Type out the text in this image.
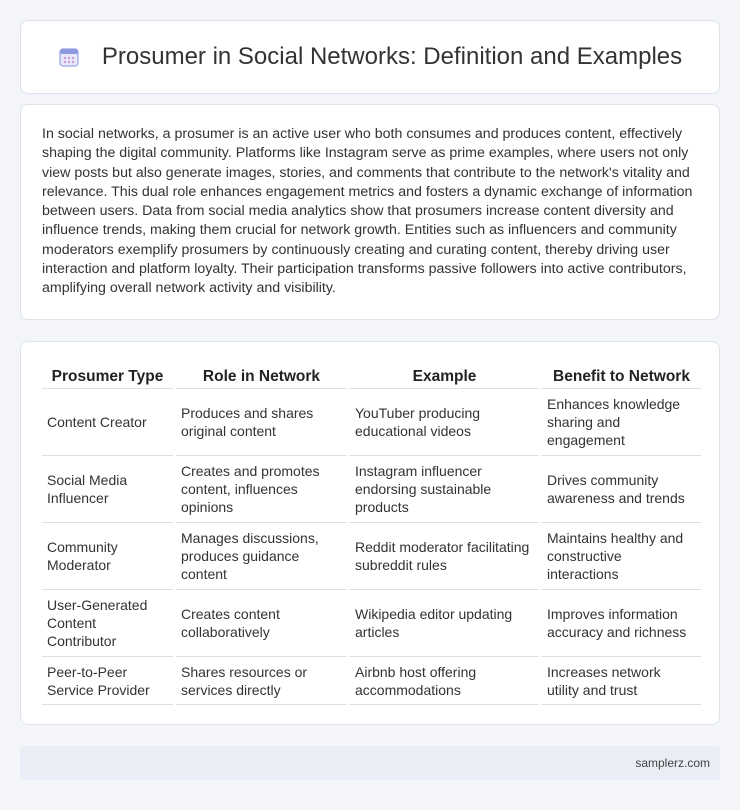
Prosumer in Social Networks: Definition and Examples

In social networks, a prosumer is an active user who both consumes and produces content, effectively shaping the digital community. Platforms like Instagram serve as prime examples, where users not only view posts but also generate images, stories, and comments that contribute to the network's vitality and relevance. This dual role enhances engagement metrics and fosters a dynamic exchange of information between users. Data from social media analytics show that prosumers increase content diversity and influence trends, making them crucial for network growth. Entities such as influencers and community moderators exemplify prosumers by continuously creating and curating content, thereby driving user interaction and platform loyalty. Their participation transforms passive followers into active contributors, amplifying overall network activity and visibility.

Prosumer Type	Role in Network	Example	Benefit to Network
Content Creator	Produces and shares original content	YouTuber producing educational videos	Enhances knowledge sharing and engagement
Social Media Influencer	Creates and promotes content, influences opinions	Instagram influencer endorsing sustainable products	Drives community awareness and trends
Community Moderator	Manages discussions, produces guidance content	Reddit moderator facilitating subreddit rules	Maintains healthy and constructive interactions
User-Generated Content Contributor	Creates content collaboratively	Wikipedia editor updating articles	Improves information accuracy and richness
Peer-to-Peer Service Provider	Shares resources or services directly	Airbnb host offering accommodations	Increases network utility and trust
samplerz.com
